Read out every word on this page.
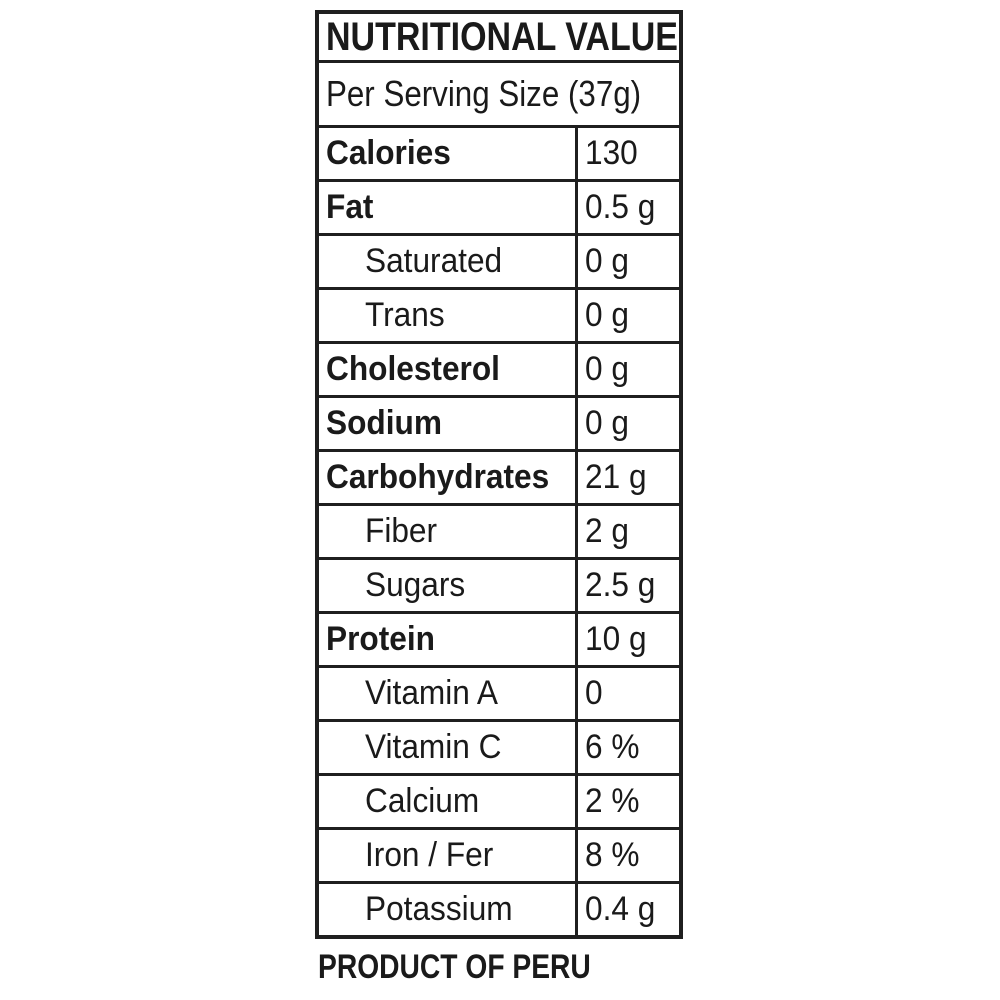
NUTRITIONAL VALUE	
Per Serving Size (37g)	
Calories	130
Fat	0.5 g
Saturated	0 g
Trans	0 g
Cholesterol	0 g
Sodium	0 g
Carbohydrates	21 g
Fiber	2 g
Sugars	2.5 g
Protein	10 g
Vitamin A	0
Vitamin C	6 %
Calcium	2 %
Iron / Fer	8 %
Potassium	0.4 g
PRODUCT OF PERU
